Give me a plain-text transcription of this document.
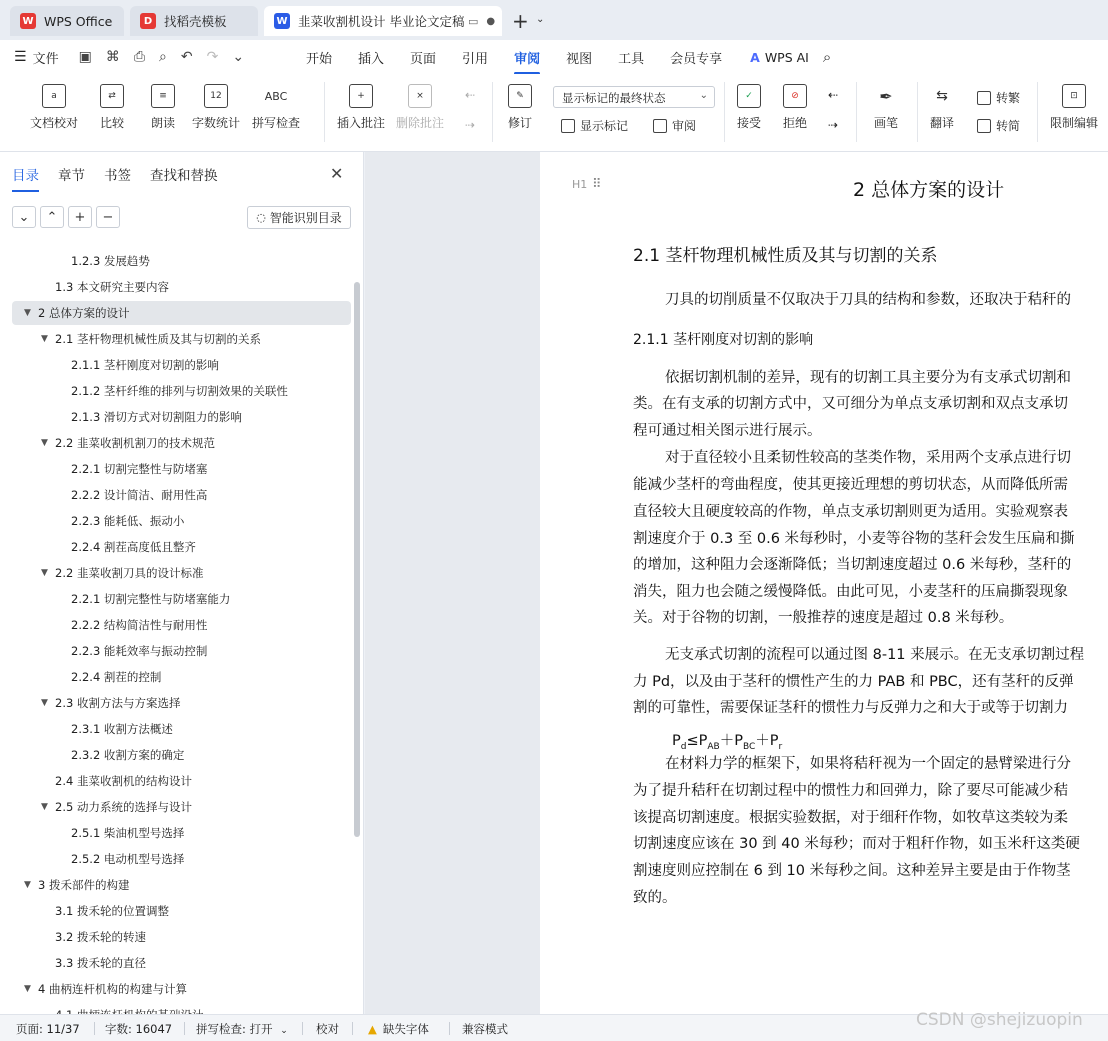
W WPS Office	D 找稻壳模板	W 韭菜收割机设计 毕业论文定稿 ▭ ● + ⌄
☰ 文件 ▣ ⌘ ⎙ ⌕ ↶ ↷ ⌄	开始 插入 页面 引用 审阅 视图 工具 会员专享 A WPS AI ⌕
a
文档校对
⇄
比较
≡
朗读
12
字数统计
ABC
拼写检查
+
插入批注
×
删除批注
⇠
⇢
✎
修订
显示标记的最终状态	⌄
显示标记	审阅
✓
接受
⊘
拒绝
⇠
⇢
✒
画笔
⇆
翻译
转繁
转简
⊡
限制编辑
目录 章节 书签 查找和替换	✕
⌄	⌃	+	−	◌ 智能识别目录
1.2.3 发展趋势
1.3 本文研究主要内容
▼ 2 总体方案的设计
▼ 2.1 茎杆物理机械性质及其与切割的关系
2.1.1 茎杆刚度对切割的影响
2.1.2 茎杆纤维的排列与切割效果的关联性
2.1.3 滑切方式对切割阻力的影响
▼ 2.2 韭菜收割机割刀的技术规范
2.2.1 切割完整性与防堵塞
2.2.2 设计简洁、耐用性高
2.2.3 能耗低、振动小
2.2.4 割茬高度低且整齐
▼ 2.2 韭菜收割刀具的设计标准
2.2.1 切割完整性与防堵塞能力
2.2.2 结构简洁性与耐用性
2.2.3 能耗效率与振动控制
2.2.4 割茬的控制
▼ 2.3 收割方法与方案选择
2.3.1 收割方法概述
2.3.2 收割方案的确定
2.4 韭菜收割机的结构设计
▼ 2.5 动力系统的选择与设计
2.5.1 柴油机型号选择
2.5.2 电动机型号选择
▼ 3 拨禾部件的构建
3.1 拨禾轮的位置调整
3.2 拨禾轮的转速
3.3 拨禾轮的直径
▼ 4 曲柄连杆机构的构建与计算
H1 ⠿	2 总体方案的设计
2.1 茎杆物理机械性质及其与切割的关系
2.1.1 茎杆刚度对切割的影响
刀具的切削质量不仅取决于刀具的结构和参数，还取决于秸秆的
依据切割机制的差异，现有的切割工具主要分为有支承式切割和
类。在有支承的切割方式中，又可细分为单点支承切割和双点支承切
程可通过相关图示进行展示。
对于直径较小且柔韧性较高的茎类作物，采用两个支承点进行切
能减少茎杆的弯曲程度，使其更接近理想的剪切状态，从而降低所需
直径较大且硬度较高的作物，单点支承切割则更为适用。实验观察表
割速度介于 0.3 至 0.6 米每秒时，小麦等谷物的茎秆会发生压扁和撕
的增加，这种阻力会逐渐降低；当切割速度超过 0.6 米每秒，茎秆的
消失，阻力也会随之缓慢降低。由此可见，小麦茎秆的压扁撕裂现象
关。对于谷物的切割，一般推荐的速度是超过 0.8 米每秒。
无支承式切割的流程可以通过图 8-11 来展示。在无支承切割过程
力 Pd，以及由于茎秆的惯性产生的力 PAB 和 PBC，还有茎秆的反弹
割的可靠性，需要保证茎秆的惯性力与反弹力之和大于或等于切割力
在材料力学的框架下，如果将秸秆视为一个固定的悬臂梁进行分
为了提升秸秆在切割过程中的惯性力和回弹力，除了要尽可能减少秸
该提高切割速度。根据实验数据，对于细秆作物，如牧草这类较为柔
切割速度应该在 30 到 40 米每秒；而对于粗秆作物，如玉米秆这类硬
割速度则应控制在 6 到 10 米每秒之间。这种差异主要是由于作物茎
致的。
$P_d\le P_{AB}+P_{BC}+P_r$
页面: 11/37 字数: 16047 拼写检查: 打开 ⌄ 校对	▲ 缺失字体	兼容模式	CSDN @shejizuopin
